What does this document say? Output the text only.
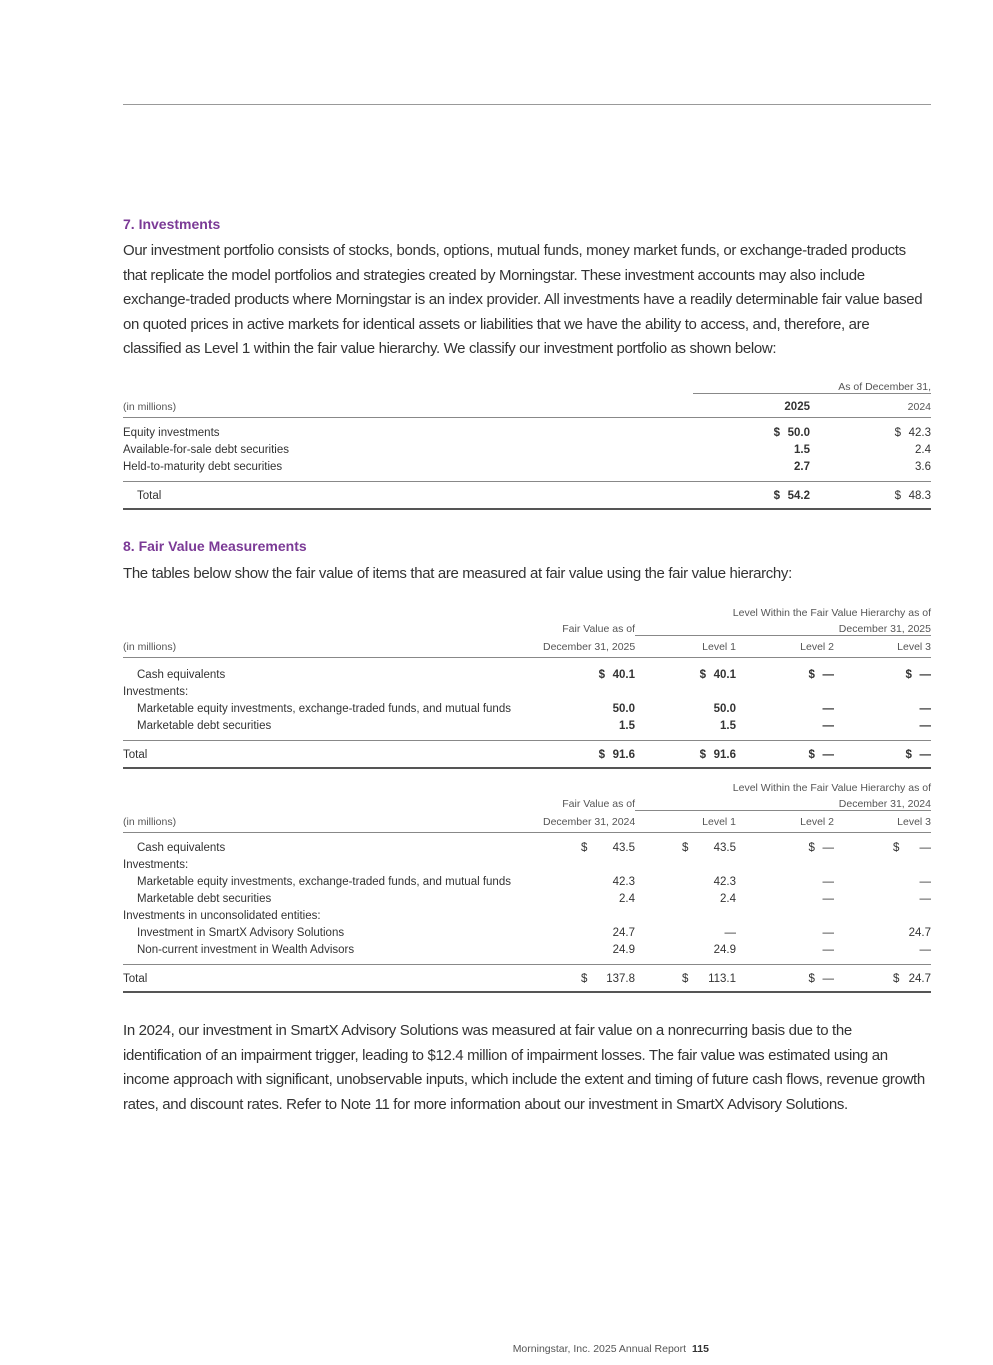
7. Investments

Our investment portfolio consists of stocks, bonds, options, mutual funds, money market funds, or exchange-traded products that replicate the model portfolios and strategies created by Morningstar. These investment accounts may also include exchange-traded products where Morningstar is an index provider. All investments have a readily determinable fair value based on quoted prices in active markets for identical assets or liabilities that we have the ability to access, and, therefore, are classified as Level 1 within the fair value hierarchy. We classify our investment portfolio as shown below:

	As of December 31,	
(in millions)	2025	2024
Equity investments	$ 50.0	$ 42.3
Available-for-sale debt securities	1.5	2.4
Held-to-maturity debt securities	2.7	3.6

Total	$ 54.2	$ 48.3
8. Fair Value Measurements

The tables below show the fair value of items that are measured at fair value using the fair value hierarchy:

		Level Within the Fair Value Hierarchy as of		
	Fair Value as of	December 31, 2025		
(in millions)	December 31, 2025	Level 1	Level 2	Level 3
Cash equivalents	$ 40.1	$ 40.1	$ —	$ —
Investments:				
Marketable equity investments, exchange-traded funds, and mutual funds	50.0	50.0	—	—
Marketable debt securities	1.5	1.5	—	—

Total	$ 91.6	$ 91.6	$ —	$ —
		Level Within the Fair Value Hierarchy as of		
	Fair Value as of	December 31, 2024		
(in millions)	December 31, 2024	Level 1	Level 2	Level 3
Cash equivalents	$ 43.5	$ 43.5	$ —	$ —
Investments:				
Marketable equity investments, exchange-traded funds, and mutual funds	42.3	42.3	—	—
Marketable debt securities	2.4	2.4	—	—
Investments in unconsolidated entities:				
Investment in SmartX Advisory Solutions	24.7	—	—	24.7
Non-current investment in Wealth Advisors	24.9	24.9	—	—

Total	$ 137.8	$ 113.1	$ —	$ 24.7

In 2024, our investment in SmartX Advisory Solutions was measured at fair value on a nonrecurring basis due to the identification of an impairment trigger, leading to $12.4 million of impairment losses. The fair value was estimated using an income approach with significant, unobservable inputs, which include the extent and timing of future cash flows, revenue growth rates, and discount rates. Refer to Note 11 for more information about our investment in SmartX Advisory Solutions.

Morningstar, Inc. 2025 Annual Report 115
